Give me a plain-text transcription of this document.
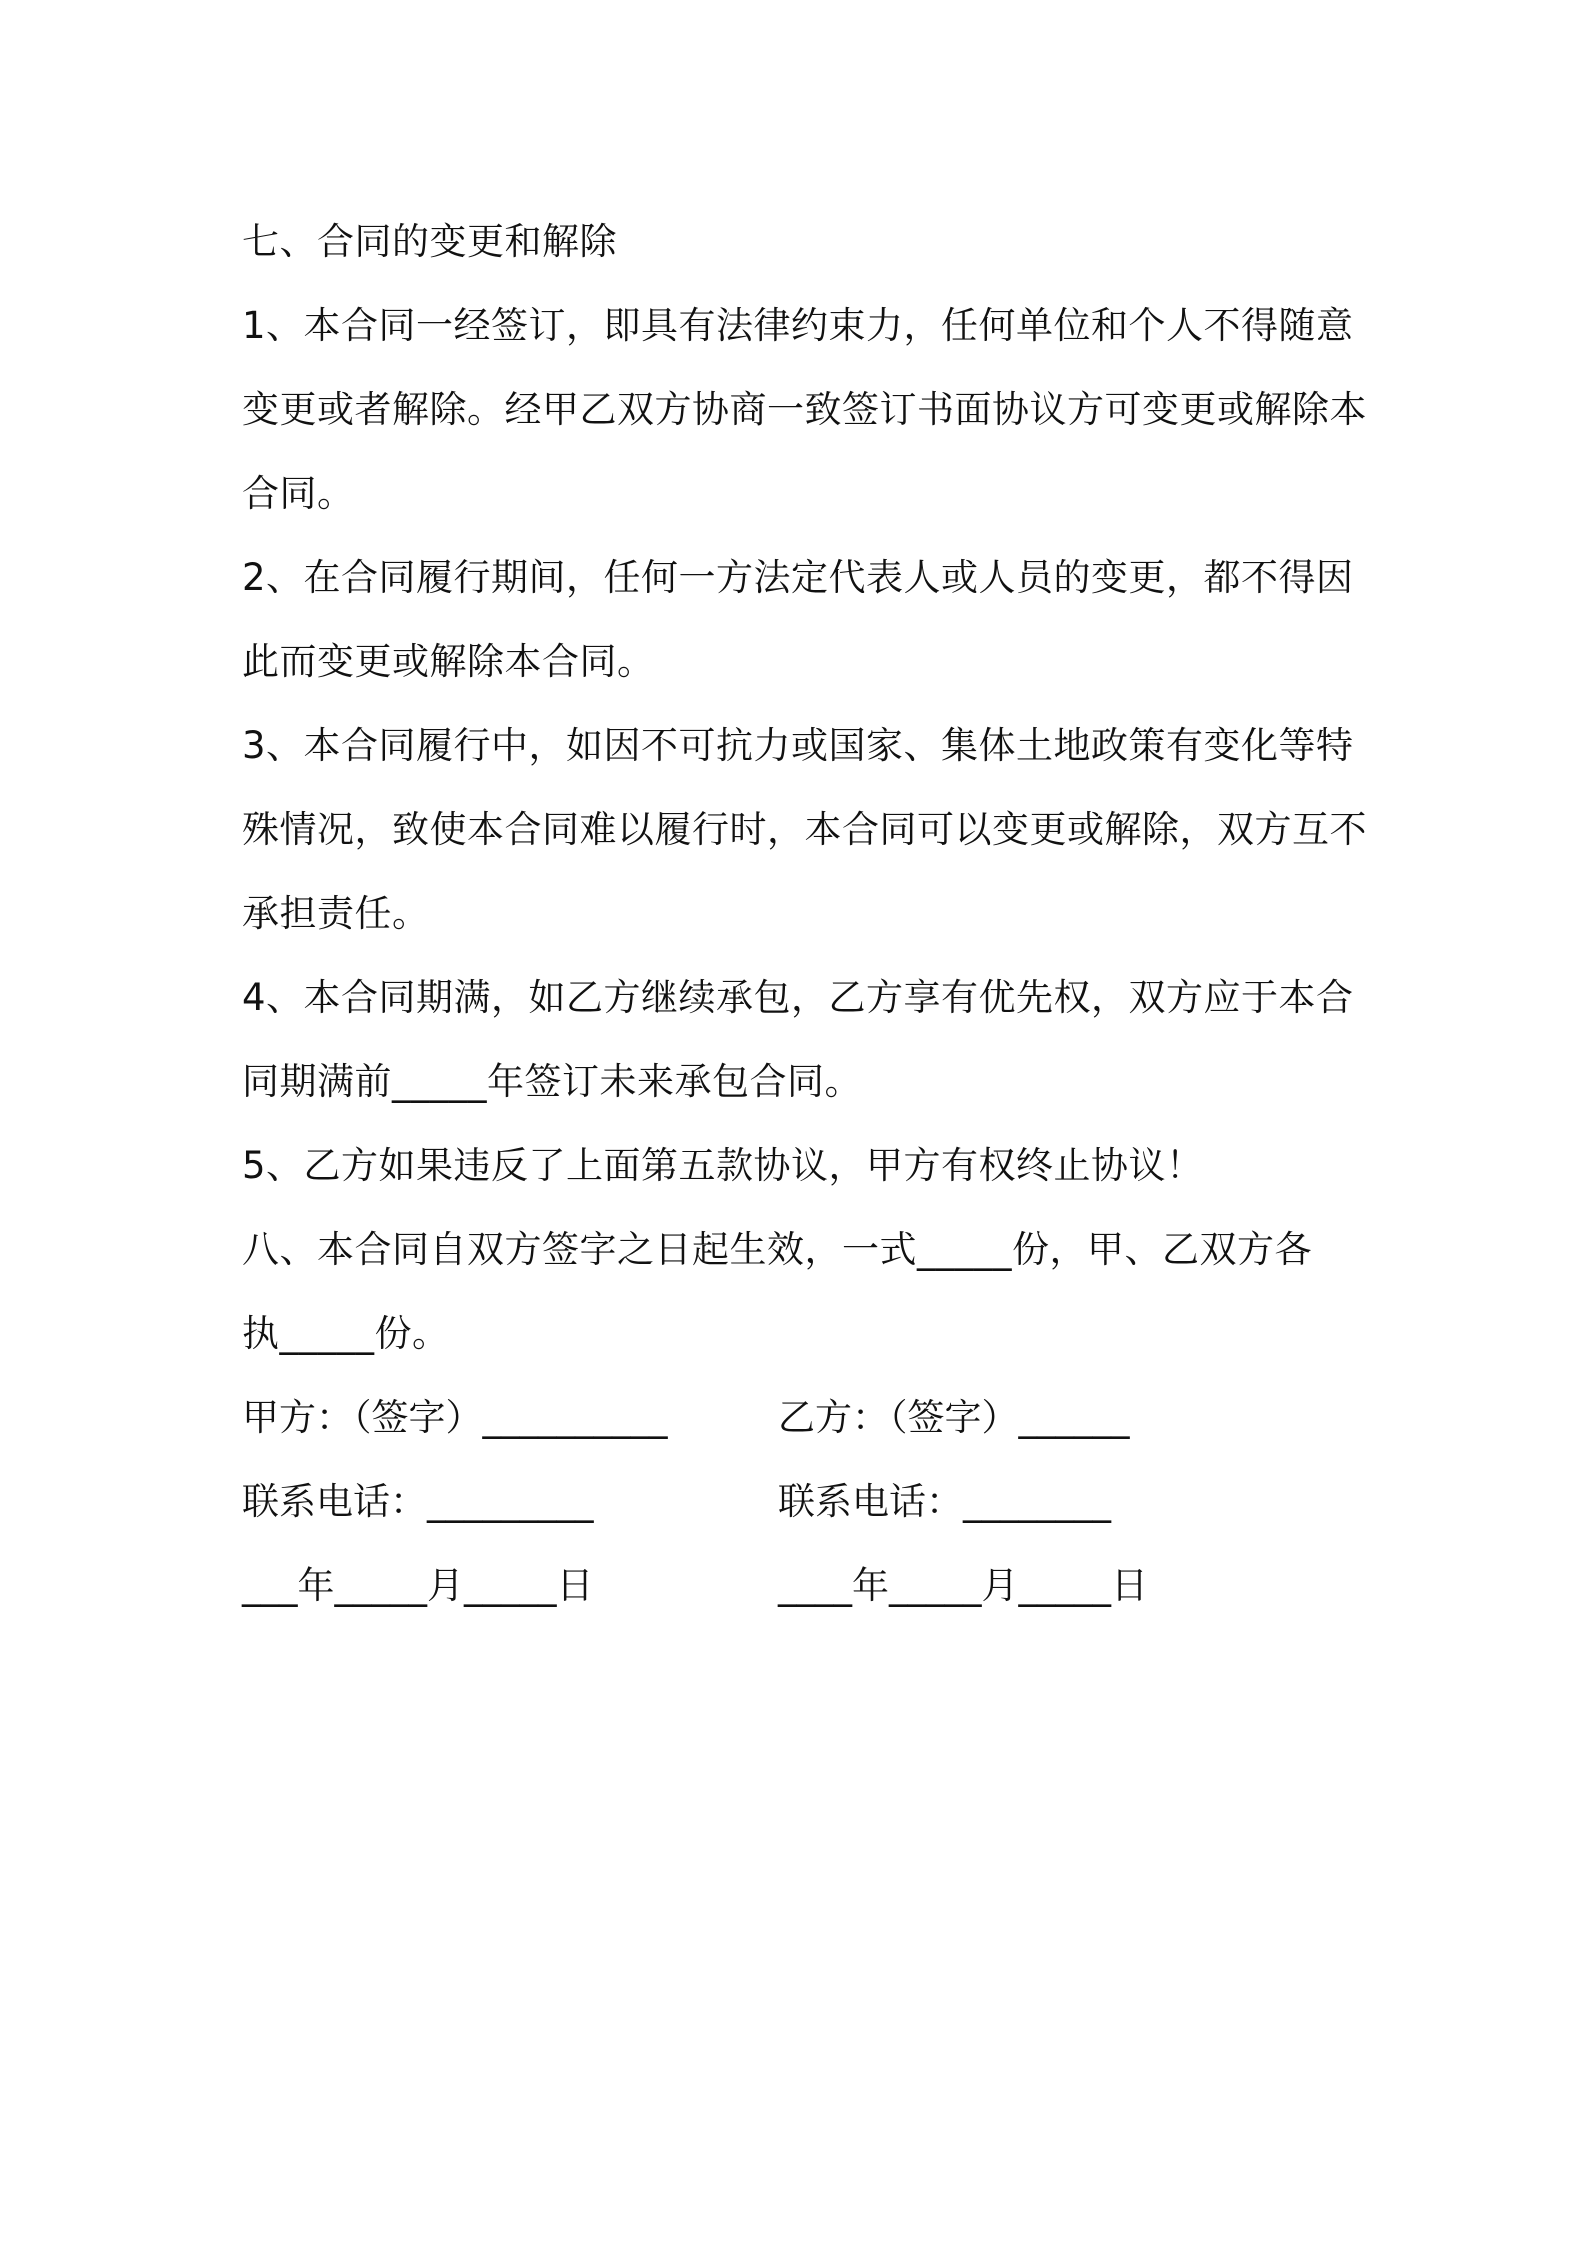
七、合同的变更和解除
1、本合同一经签订，即具有法律约束力，任何单位和个人不得随意
变更或者解除。经甲乙双方协商一致签订书面协议方可变更或解除本
合同。
2、在合同履行期间，任何一方法定代表人或人员的变更，都不得因
此而变更或解除本合同。
3、本合同履行中，如因不可抗力或国家、集体土地政策有变化等特
殊情况，致使本合同难以履行时，本合同可以变更或解除，双方互不
承担责任。
4、本合同期满，如乙方继续承包，乙方享有优先权，双方应于本合
同期满前_____年签订未来承包合同。
5、乙方如果违反了上面第五款协议，甲方有权终止协议！
八、本合同自双方签字之日起生效，一式_____份，甲、乙双方各
执_____份。
甲方：（签字）__________	乙方：（签字）______
联系电话：_________	联系电话：________
___年_____月_____日	____年_____月_____日
